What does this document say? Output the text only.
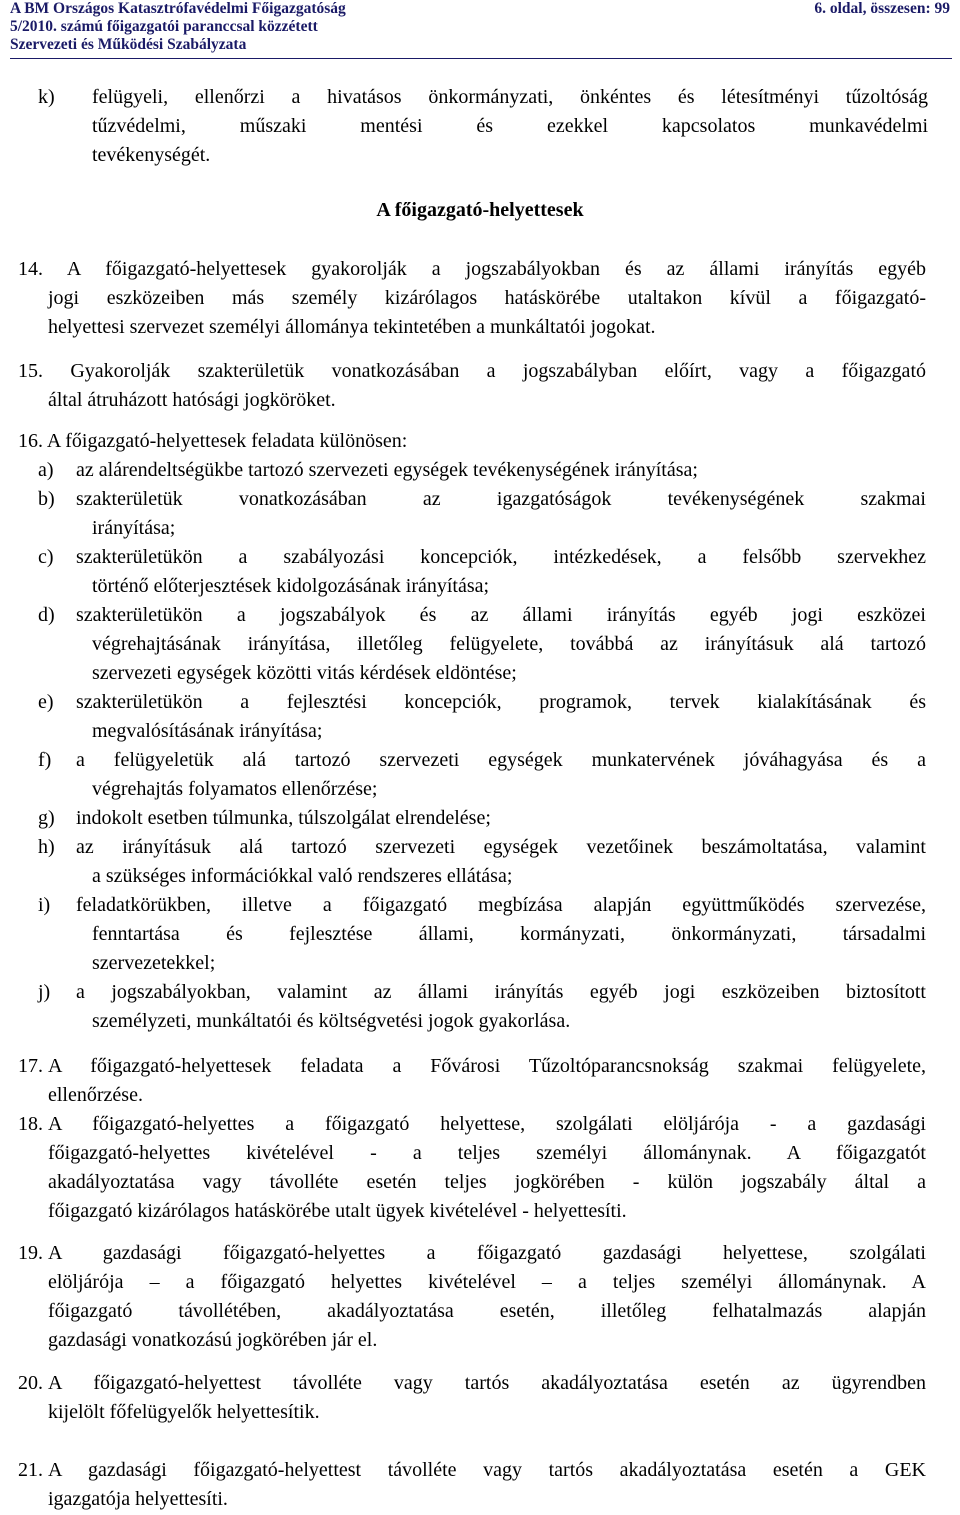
A BM Országos Katasztrófavédelmi Főigazgatóság
5/2010. számú főigazgatói paranccsal közzétett
Szervezeti és Működési Szabályzata
6. oldal, összesen: 99
k) felügyeli, ellenőrzi a hivatásos önkormányzati, önkéntes és létesítményi tűzoltóság
tűzvédelmi, műszaki mentési és ezekkel kapcsolatos munkavédelmi
tevékenységét.
A főigazgató-helyettesek
14. A főigazgató-helyettesek gyakorolják a jogszabályokban és az állami irányítás egyéb
jogi eszközeiben más személy kizárólagos hatáskörébe utaltakon kívül a főigazgató-
helyettesi szervezet személyi állománya tekintetében a munkáltatói jogokat.
15. Gyakorolják szakterületük vonatkozásában a jogszabályban előírt, vagy a főigazgató
által átruházott hatósági jogköröket.
16. A főigazgató-helyettesek feladata különösen:
a) az alárendeltségükbe tartozó szervezeti egységek tevékenységének irányítása;
b) szakterületük vonatkozásában az igazgatóságok tevékenységének szakmai
irányítása;
c) szakterületükön a szabályozási koncepciók, intézkedések, a felsőbb szervekhez
történő előterjesztések kidolgozásának irányítása;
d) szakterületükön a jogszabályok és az állami irányítás egyéb jogi eszközei
végrehajtásának irányítása, illetőleg felügyelete, továbbá az irányításuk alá tartozó
szervezeti egységek közötti vitás kérdések eldöntése;
e) szakterületükön a fejlesztési koncepciók, programok, tervek kialakításának és
megvalósításának irányítása;
f) a felügyeletük alá tartozó szervezeti egységek munkatervének jóváhagyása és a
végrehajtás folyamatos ellenőrzése;
g) indokolt esetben túlmunka, túlszolgálat elrendelése;
h) az irányításuk alá tartozó szervezeti egységek vezetőinek beszámoltatása, valamint
a szükséges információkkal való rendszeres ellátása;
i) feladatkörükben, illetve a főigazgató megbízása alapján együttműködés szervezése,
fenntartása és fejlesztése állami, kormányzati, önkormányzati, társadalmi
szervezetekkel;
j) a jogszabályokban, valamint az állami irányítás egyéb jogi eszközeiben biztosított
személyzeti, munkáltatói és költségvetési jogok gyakorlása.
17. A főigazgató-helyettesek feladata a Fővárosi Tűzoltóparancsnokság szakmai felügyelete,
ellenőrzése.
18. A főigazgató-helyettes a főigazgató helyettese, szolgálati elöljárója - a gazdasági
főigazgató-helyettes kivételével - a teljes személyi állománynak. A főigazgatót
akadályoztatása vagy távolléte esetén teljes jogkörében - külön jogszabály által a
főigazgató kizárólagos hatáskörébe utalt ügyek kivételével - helyettesíti.
19. A gazdasági főigazgató-helyettes a főigazgató gazdasági helyettese, szolgálati
elöljárója – a főigazgató helyettes kivételével – a teljes személyi állománynak. A
főigazgató távollétében, akadályoztatása esetén, illetőleg felhatalmazás alapján
gazdasági vonatkozású jogkörében jár el.
20. A főigazgató-helyettest távolléte vagy tartós akadályoztatása esetén az ügyrendben
kijelölt főfelügyelők helyettesítik.
21. A gazdasági főigazgató-helyettest távolléte vagy tartós akadályoztatása esetén a GEK
igazgatója helyettesíti.
